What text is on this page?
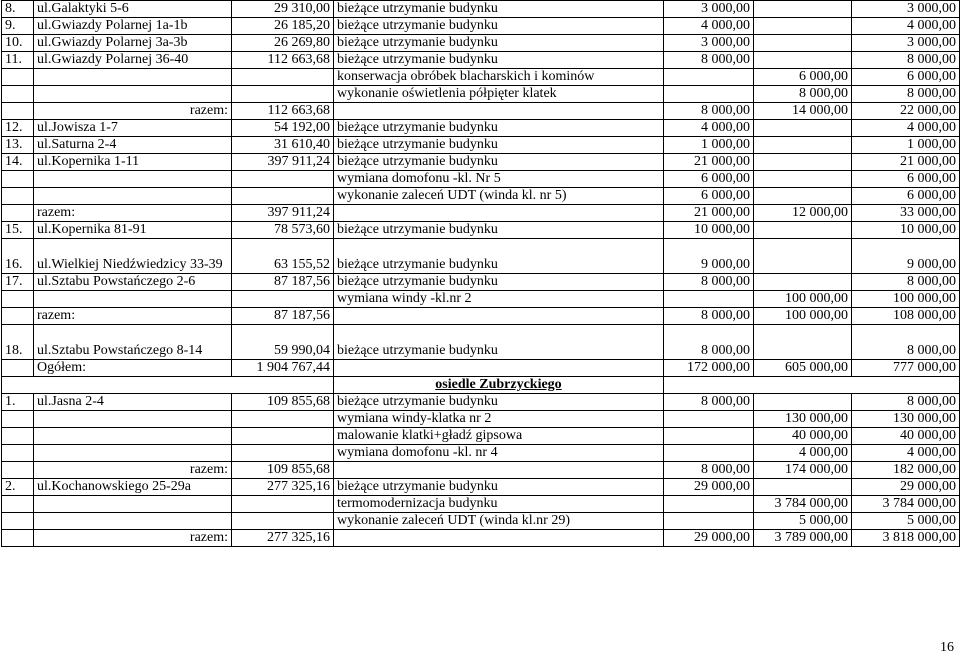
8.	ul.Galaktyki 5-6	29 310,00	bieżące utrzymanie budynku	3 000,00		3 000,00
9.	ul.Gwiazdy Polarnej 1a-1b	26 185,20	bieżące utrzymanie budynku	4 000,00		4 000,00
10.	ul.Gwiazdy Polarnej 3a-3b	26 269,80	bieżące utrzymanie budynku	3 000,00		3 000,00
11.	ul.Gwiazdy Polarnej 36-40	112 663,68	bieżące utrzymanie budynku	8 000,00		8 000,00
			konserwacja obróbek blacharskich i kominów		6 000,00	6 000,00
			wykonanie oświetlenia półpięter klatek		8 000,00	8 000,00
	razem:	112 663,68		8 000,00	14 000,00	22 000,00
12.	ul.Jowisza 1-7	54 192,00	bieżące utrzymanie budynku	4 000,00		4 000,00
13.	ul.Saturna 2-4	31 610,40	bieżące utrzymanie budynku	1 000,00		1 000,00
14.	ul.Kopernika 1-11	397 911,24	bieżące utrzymanie budynku	21 000,00		21 000,00
			wymiana domofonu -kl. Nr 5	6 000,00		6 000,00
			wykonanie zaleceń UDT (winda kl. nr 5)	6 000,00		6 000,00
	razem:	397 911,24		21 000,00	12 000,00	33 000,00
15.	ul.Kopernika 81-91	78 573,60	bieżące utrzymanie budynku	10 000,00		10 000,00
16.	ul.Wielkiej Niedźwiedzicy 33-39	63 155,52	bieżące utrzymanie budynku	9 000,00		9 000,00
17.	ul.Sztabu Powstańczego 2-6	87 187,56	bieżące utrzymanie budynku	8 000,00		8 000,00
			wymiana windy -kl.nr 2		100 000,00	100 000,00
	razem:	87 187,56		8 000,00	100 000,00	108 000,00
18.	ul.Sztabu Powstańczego 8-14	59 990,04	bieżące utrzymanie budynku	8 000,00		8 000,00
	Ogółem:	1 904 767,44		172 000,00	605 000,00	777 000,00
			osiedle Zubrzyckiego			
1.	ul.Jasna 2-4	109 855,68	bieżące utrzymanie budynku	8 000,00		8 000,00
			wymiana windy-klatka nr 2		130 000,00	130 000,00
			malowanie klatki+gładź gipsowa		40 000,00	40 000,00
			wymiana domofonu -kl. nr 4		4 000,00	4 000,00
	razem:	109 855,68		8 000,00	174 000,00	182 000,00
2.	ul.Kochanowskiego 25-29a	277 325,16	bieżące utrzymanie budynku	29 000,00		29 000,00
			termomodernizacja budynku		3 784 000,00	3 784 000,00
			wykonanie zaleceń UDT (winda kl.nr 29)		5 000,00	5 000,00
	razem:	277 325,16		29 000,00	3 789 000,00	3 818 000,00
16
